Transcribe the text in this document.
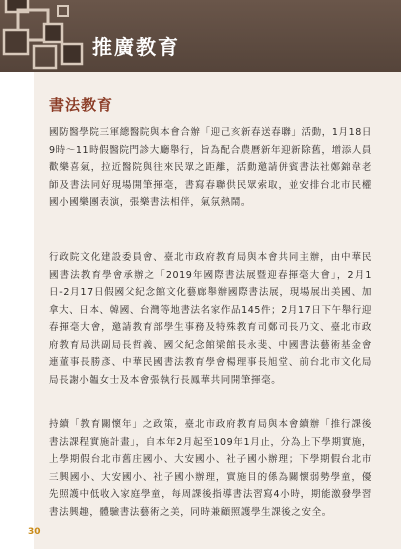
推廣教育
書法教育

國防醫學院三軍總醫院與本會合辦「迎己亥新春送春聯」活動，1月18日9時～11時假醫院門診大廳舉行，旨為配合農曆新年迎新除舊，增添人員歡樂喜氣，拉近醫院與往來民眾之距離，活動邀請併賓書法社鄭錦韋老師及書法同好現場開筆揮毫，書寫春聯供民眾索取，並安排台北市民權國小國樂團表演，張樂書法相伴，氣氛熱鬧。

行政院文化建設委員會、臺北市政府教育局與本會共同主辦，由中華民國書法教育學會承辦之「2019年國際書法展暨迎春揮毫大會」，2月1日-2月17日假國父紀念館文化藝廊舉辦國際書法展，現場展出美國、加拿大、日本、韓國、台灣等地書法名家作品145件；2月17日下午舉行迎春揮毫大會，邀請教育部學生事務及特殊教育司鄭司長乃文、臺北市政府教育局洪副局長哲義、國父紀念館梁館長永斐、中國書法藝術基金會連董事長勝彥、中華民國書法教育學會楊理事長旭堂、前台北市文化局局長謝小韞女士及本會張執行長鳳華共同開筆揮毫。

持續「教育關懷年」之政策，臺北市政府教育局與本會續辦「推行課後書法課程實施計畫」，自本年2月起至109年1月止，分為上下學期實施，上學期假台北市舊庄國小、大安國小、社子國小辦理；下學期假台北市三興國小、大安國小、社子國小辦理，實施目的係為關懷弱勢學童，優先照護中低收入家庭學童，每周課後指導書法習寫4小時，期能激發學習書法興趣，體驗書法藝術之美，同時兼顧照護學生課後之安全。

30
